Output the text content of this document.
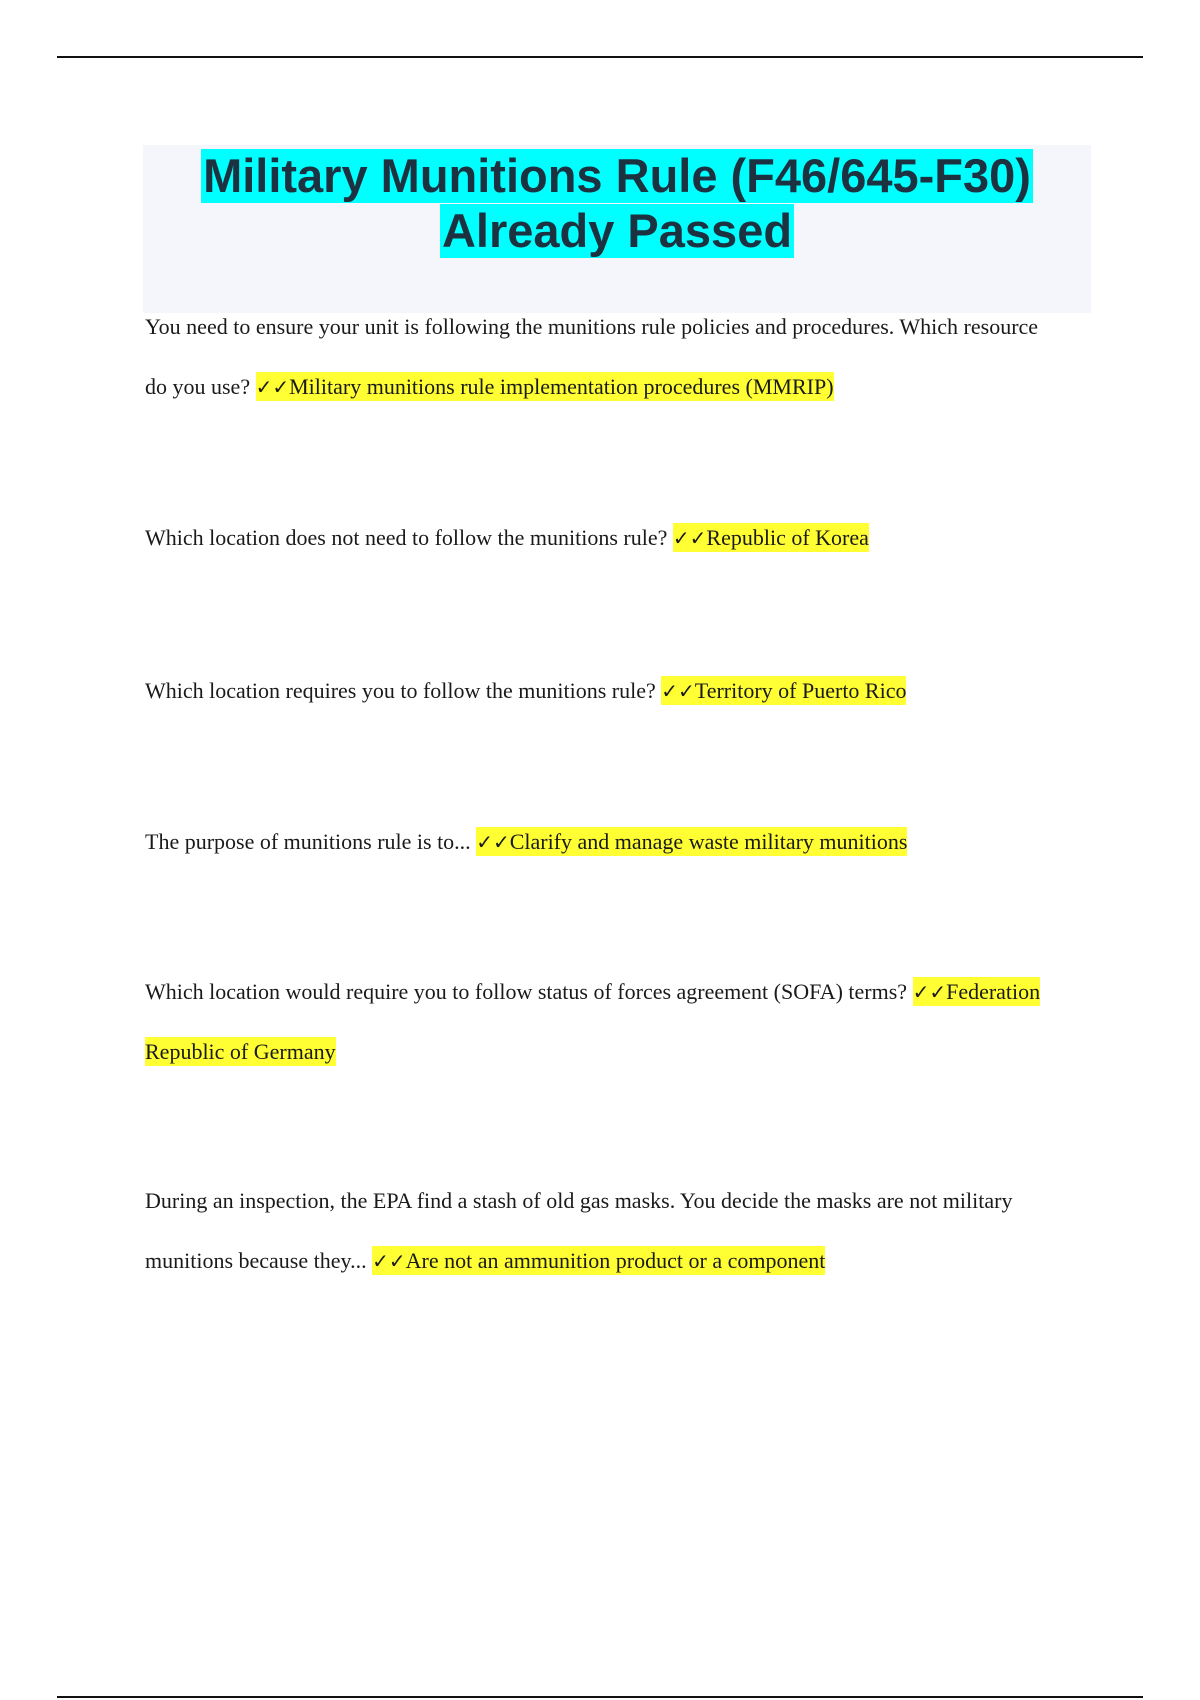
Military Munitions Rule (F46/645-F30)
Already Passed
You need to ensure your unit is following the munitions rule policies and procedures. Which resource do you use? ✓✓Military munitions rule implementation procedures (MMRIP)
Which location does not need to follow the munitions rule? ✓✓Republic of Korea
Which location requires you to follow the munitions rule? ✓✓Territory of Puerto Rico
The purpose of munitions rule is to... ✓✓Clarify and manage waste military munitions
Which location would require you to follow status of forces agreement (SOFA) terms? ✓✓Federation Republic of Germany
During an inspection, the EPA find a stash of old gas masks. You decide the masks are not military munitions because they... ✓✓Are not an ammunition product or a component
